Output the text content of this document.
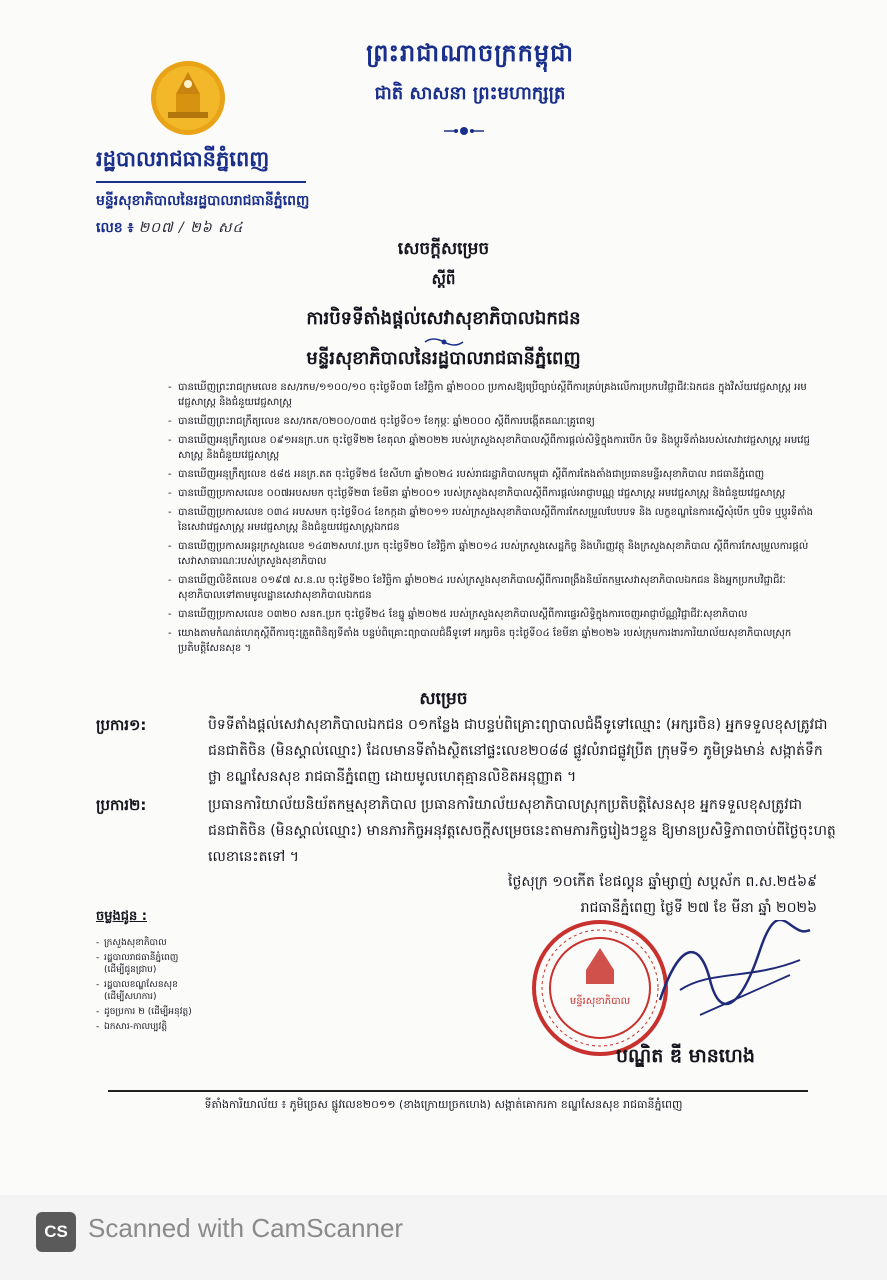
ព្រះរាជាណាចក្រកម្ពុជា
ជាតិ សាសនា ព្រះមហាក្សត្រ
រដ្ឋបាលរាជធានីភ្នំពេញ
មន្ទីរសុខាភិបាលនៃរដ្ឋបាលរាជធានីភ្នំពេញ
លេខ ៖ ២០៧ / ២៦ ស៤
សេចក្តីសម្រេច
ស្តីពី
ការបិទទីតាំងផ្តល់សេវាសុខាភិបាលឯកជន
មន្ទីរសុខាភិបាលនៃរដ្ឋបាលរាជធានីភ្នំពេញ
- បានឃើញព្រះរាជក្រមលេខ នស/រកម/១១០០/១០ ចុះថ្ងៃទី០៣ ខែវិច្ឆិកា ឆ្នាំ២០០០ ប្រកាសឱ្យប្រើច្បាប់ស្តីពីការគ្រប់គ្រងលើការប្រកបវិជ្ជាជីវៈឯកជន ក្នុងវិស័យវេជ្ជសាស្ត្រ អមវេជ្ជសាស្ត្រ និងជំនួយវេជ្ជសាស្ត្រ
- បានឃើញព្រះរាជក្រឹត្យលេខ នស/រកត/០២០០/០៣៥ ចុះថ្ងៃទី០១ ខែកុម្ភៈ ឆ្នាំ២០០០ ស្តីពីការបង្កើតគណៈគ្រូពេទ្យ
- បានឃើញអនុក្រឹត្យលេខ ០៩១អនក្រ.បក ចុះថ្ងៃទី២២ ខែតុលា ឆ្នាំ២០២២ របស់ក្រសួងសុខាភិបាលស្តីពីការផ្តល់សិទ្ធិក្នុងការបើក បិទ និងប្តូរទីតាំងរបស់សេវាវេជ្ជសាស្ត្រ អមវេជ្ជសាស្ត្រ និងជំនួយវេជ្ជសាស្ត្រ
- បានឃើញអនុក្រឹត្យលេខ ៥៨៥ អនក្រ.តត ចុះថ្ងៃទី២៥ ខែសីហា ឆ្នាំ២០២៤ របស់រាជរដ្ឋាភិបាលកម្ពុជា ស្តីពីការតែងតាំងជាប្រធានមន្ទីរសុខាភិបាល រាជធានីភ្នំពេញ
- បានឃើញប្រកាសលេខ ០០៧អបសមក ចុះថ្ងៃទី២៣ ខែមីនា ឆ្នាំ២០០១ របស់ក្រសួងសុខាភិបាលស្តីពីការផ្តល់អាជ្ញាបណ្ណ វេជ្ជសាស្ត្រ អមវេជ្ជសាស្ត្រ និងជំនួយវេជ្ជសាស្ត្រ
- បានឃើញប្រកាសលេខ ០៣៤ អបសមក ចុះថ្ងៃទី០៤ ខែកក្កដា ឆ្នាំ២០១១ របស់ក្រសួងសុខាភិបាលស្តីពីការកែសម្រួលបែបបទ និង លក្ខខណ្ឌនៃការស្នើសុំបើក ឬបិទ ឬប្តូរទីតាំងនៃសេវាវេជ្ជសាស្ត្រ អមវេជ្ជសាស្ត្រ និងជំនួយវេជ្ជសាស្ត្រឯកជន
- បានឃើញប្រកាសអន្តរក្រសួងលេខ ១៤៣២សហវ.ប្រក ចុះថ្ងៃទី២០ ខែវិច្ឆិកា ឆ្នាំ២០១៤ របស់ក្រសួងសេដ្ឋកិច្ច និងហិរញ្ញវត្ថុ និងក្រសួងសុខាភិបាល ស្តីពីការកែសម្រួលការផ្តល់សេវាសាធារណៈរបស់ក្រសួងសុខាភិបាល
- បានឃើញលិខិតលេខ ០១៩៧ ស.ន.ល ចុះថ្ងៃទី២០ ខែវិច្ឆិកា ឆ្នាំ២០២៤ របស់ក្រសួងសុខាភិបាលស្តីពីការពង្រឹងនិយ័តកម្មសេវាសុខាភិបាលឯកជន និងអ្នកប្រកបវិជ្ជាជីវៈសុខាភិបាលទៅតាមមូលដ្ឋានសេវាសុខាភិបាលឯកជន
- បានឃើញប្រកាសលេខ ០៣២០ សនក.ប្រក ចុះថ្ងៃទី២៤ ខែធ្នូ ឆ្នាំ២០២៥ របស់ក្រសួងសុខាភិបាលស្តីពីការផ្ទេរសិទ្ធិក្នុងការចេញអាជ្ញាប័ណ្ណវិជ្ជាជីវៈសុខាភិបាល
- យោងតាមកំណត់ហេតុស្តីពីការចុះត្រួតពិនិត្យទីតាំង បន្ទប់ពិគ្រោះព្យាបាលជំងឺទូទៅ អក្សរចិន ចុះថ្ងៃទី០៤ ខែមីនា ឆ្នាំ២០២៦ របស់ក្រុមការងារការិយាល័យសុខាភិបាលស្រុកប្រតិបត្តិសែនសុខ ។
សម្រេច
ប្រការ១:	បិទទីតាំងផ្តល់សេវាសុខាភិបាលឯកជន ០១កន្លែង ជាបន្ទប់ពិគ្រោះព្យាបាលជំងឺទូទៅឈ្មោះ (អក្សរចិន) អ្នកទទួលខុសត្រូវជាជនជាតិចិន (មិនស្គាល់ឈ្មោះ) ដែលមានទីតាំងស្ថិតនៅផ្ទះលេខ២០៨៨ ផ្លូវលំរាជផ្លូវប្រីត ក្រុមទី១ ភូមិទ្រងមាន់ សង្កាត់ទឹកថ្លា ខណ្ឌសែនសុខ រាជធានីភ្នំពេញ ដោយមូលហេតុគ្មានលិខិតអនុញ្ញាត ។
ប្រការ២:	ប្រធានការិយាល័យនិយ័តកម្មសុខាភិបាល ប្រធានការិយាល័យសុខាភិបាលស្រុកប្រតិបត្តិសែនសុខ អ្នកទទួលខុសត្រូវជាជនជាតិចិន (មិនស្គាល់ឈ្មោះ) មានភារកិច្ចអនុវត្តសេចក្តីសម្រេចនេះតាមភារកិច្ចរៀងៗខ្លួន ឱ្យមានប្រសិទ្ធិភាពចាប់ពីថ្ងៃចុះហត្ថលេខានេះតទៅ ។
ថ្ងៃសុក្រ ១០កើត ខែផល្គុន ឆ្នាំម្សាញ់ សប្តស័ក ព.ស.២៥៦៩
រាជធានីភ្នំពេញ ថ្ងៃទី ២៧ ខែ មីនា ឆ្នាំ ២០២៦
ចម្លងជូន :
- ក្រសួងសុខាភិបាល
- រដ្ឋបាលរាជធានីភ្នំពេញ
(ដើម្បីជូនជ្រាប)
- រដ្ឋបាលខណ្ឌសែនសុខ
(ដើម្បីសហការ)
- ដូចប្រការ ២ (ដើម្បីអនុវត្ត)
- ឯកសារ-កាលប្បវត្តិ
មន្ទីរសុខាភិបាល
បណ្ឌិត ឌី មានហេង
ទីតាំងការិយាល័យ ៖ ភូមិច្រេស ផ្លូវលេខ២០១១ (ខាងក្រោយច្រកហេង) សង្កាត់គោករកា ខណ្ឌសែនសុខ រាជធានីភ្នំពេញ
CS Scanned with CamScanner
